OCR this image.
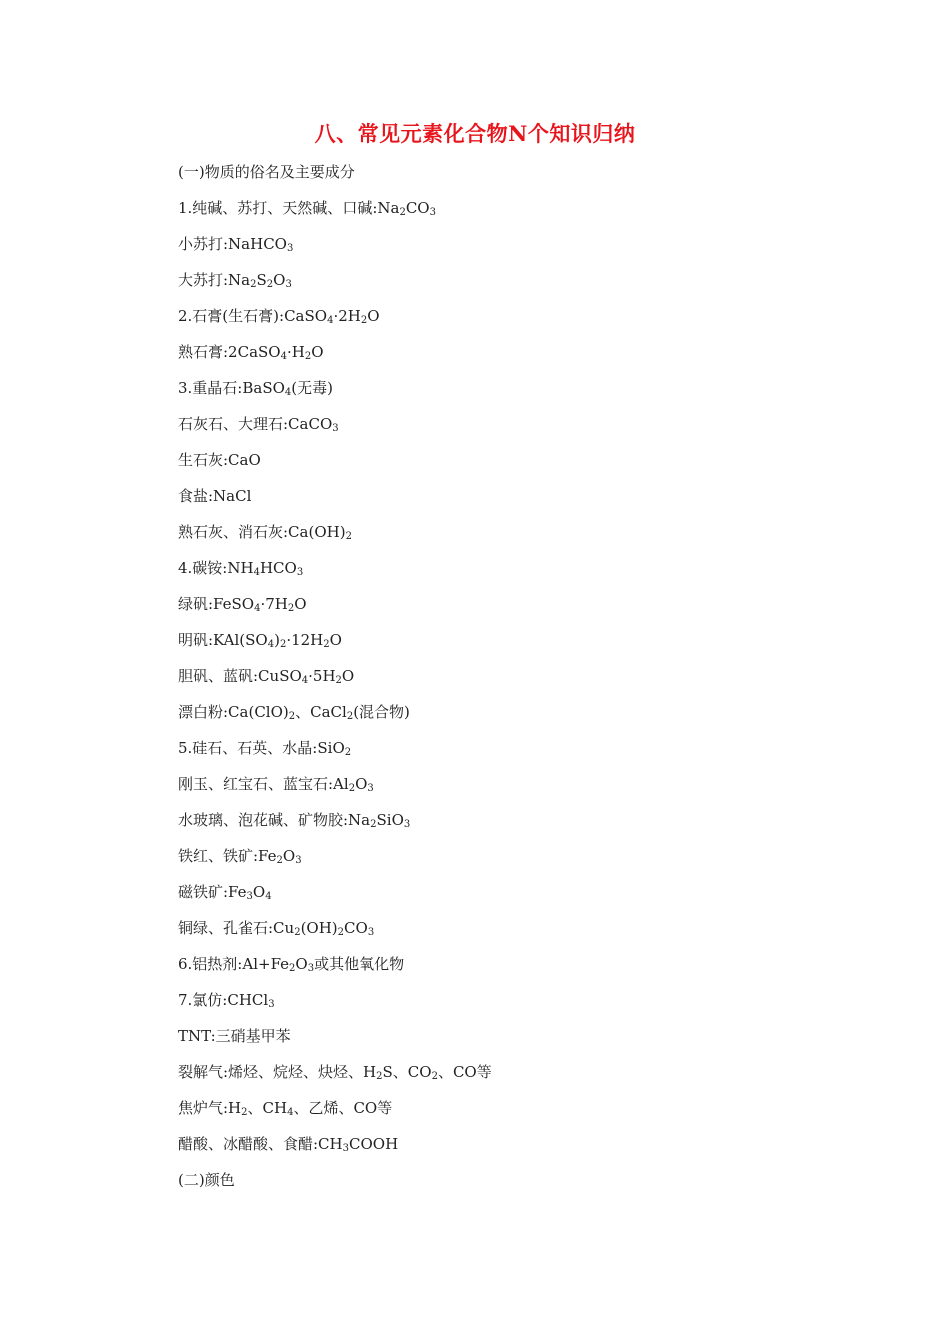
八、常见元素化合物N个知识归纳
(一)物质的俗名及主要成分
1.纯碱、苏打、天然碱、口碱$:Na_2CO_3$
小苏打:NaHCO$_3$
大苏打$:Na_2S_2O_3$
2.石膏(生石膏)$:CaSO_4\cdot 2H_2O$
熟石膏$:2CaSO_4\cdot H_2O$
3.重晶石:BaSO$_4$(无毒)
石灰石、大理石:CaCO$_3$
生石灰:CaO
食盐:NaCl
熟石灰、消石灰$:Ca(OH)_2$
4.碳铵$:NH_4HCO_3$
绿矾$:FeSO_4\cdot 7H_2O$
明矾$:KAl(SO_4)_2\cdot 12H_2O$
胆矾、蓝矾$:CuSO_4\cdot 5H_2O$
漂白粉$:Ca(ClO)_2$、CaCl$_2$(混合物)
5.硅石、石英、水晶:SiO$_2$
刚玉、红宝石、蓝宝石$:Al_2O_3$
水玻璃、泡花碱、矿物胶$:Na_2SiO_3$
铁红、铁矿$:Fe_2O_3$
磁铁矿$:Fe_3O_4$
铜绿、孔雀石$:Cu_2(OH)_2CO_3$
6.铝热剂$:Al+Fe_2O_3$或其他氧化物
7.氯仿:CHCl$_3$
TNT:三硝基甲苯
裂解气:烯烃、烷烃、炔烃、$H_2S$、$CO_2$、CO等
焦炉气$:H_2$、$CH_4$、乙烯、CO等
醋酸、冰醋酸、食醋$:CH_3COOH$
(二)颜色
